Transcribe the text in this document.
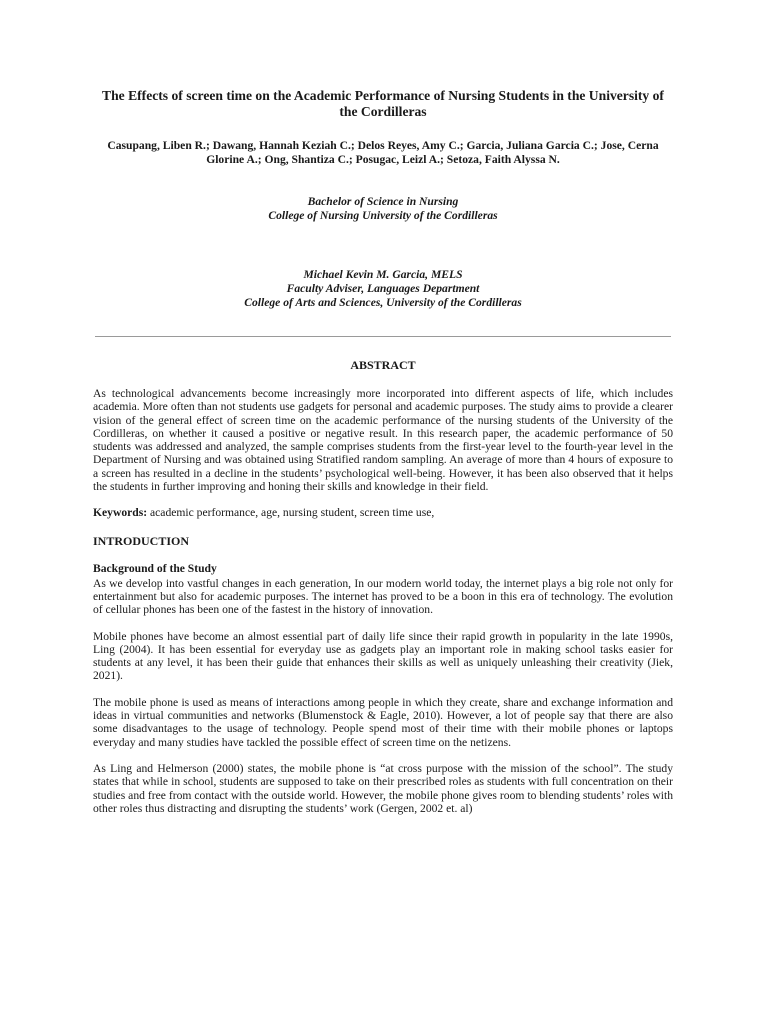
The Effects of screen time on the Academic Performance of Nursing Students in the University of the Cordilleras
Casupang, Liben R.; Dawang, Hannah Keziah C.; Delos Reyes, Amy C.; Garcia, Juliana Garcia C.; Jose, Cerna Glorine A.; Ong, Shantiza C.; Posugac, Leizl A.; Setoza, Faith Alyssa N.
Bachelor of Science in Nursing
College of Nursing University of the Cordilleras
Michael Kevin M. Garcia, MELS
Faculty Adviser, Languages Department
College of Arts and Sciences, University of the Cordilleras
ABSTRACT

As technological advancements become increasingly more incorporated into different aspects of life, which includes academia. More often than not students use gadgets for personal and academic purposes. The study aims to provide a clearer vision of the general effect of screen time on the academic performance of the nursing students of the University of the Cordilleras, on whether it caused a positive or negative result. In this research paper, the academic performance of 50 students was addressed and analyzed, the sample comprises students from the first-year level to the fourth-year level in the Department of Nursing and was obtained using Stratified random sampling. An average of more than 4 hours of exposure to a screen has resulted in a decline in the students’ psychological well-being. However, it has been also observed that it helps the students in further improving and honing their skills and knowledge in their field.

Keywords: academic performance, age, nursing student, screen time use,

INTRODUCTION
Background of the Study

As we develop into vastful changes in each generation, In our modern world today, the internet plays a big role not only for entertainment but also for academic purposes. The internet has proved to be a boon in this era of technology. The evolution of cellular phones has been one of the fastest in the history of innovation.

Mobile phones have become an almost essential part of daily life since their rapid growth in popularity in the late 1990s, Ling (2004). It has been essential for everyday use as gadgets play an important role in making school tasks easier for students at any level, it has been their guide that enhances their skills as well as uniquely unleashing their creativity (Jiek, 2021).

The mobile phone is used as means of interactions among people in which they create, share and exchange information and ideas in virtual communities and networks (Blumenstock & Eagle, 2010). However, a lot of people say that there are also some disadvantages to the usage of technology. People spend most of their time with their mobile phones or laptops everyday and many studies have tackled the possible effect of screen time on the netizens.

As Ling and Helmerson (2000) states, the mobile phone is “at cross purpose with the mission of the school”. The study states that while in school, students are supposed to take on their prescribed roles as students with full concentration on their studies and free from contact with the outside world. However, the mobile phone gives room to blending students’ roles with other roles thus distracting and disrupting the students’ work (Gergen, 2002 et. al)
